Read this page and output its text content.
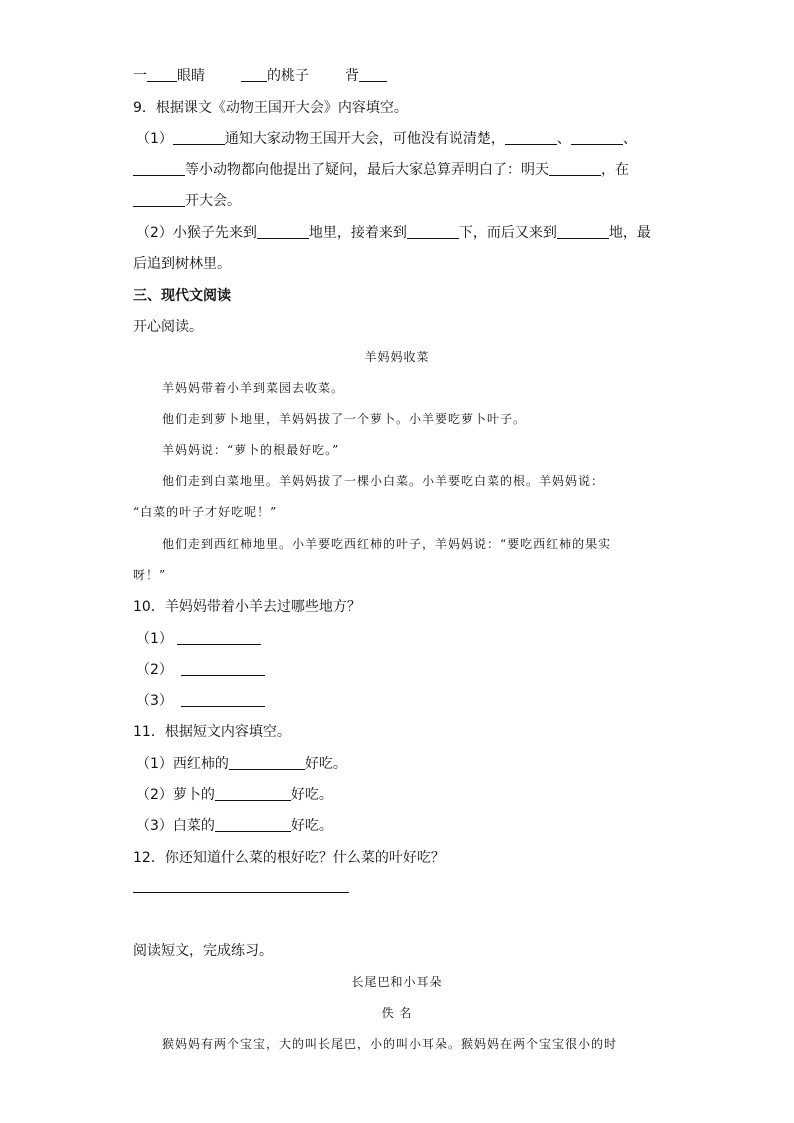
一 眼睛	的桃子	背
9．根据课文《动物王国开大会》内容填空。
（1）	通知大家动物王国开大会，可他没有说清楚，	、	、
等小动物都向他提出了疑问，最后大家总算弄明白了：明天	，在
开大会。
（2）小猴子先来到	地里，接着来到	下，而后又来到	地，最
后追到树林里。
三、现代文阅读
开心阅读。
羊妈妈收菜
羊妈妈带着小羊到菜园去收菜。
他们走到萝卜地里，羊妈妈拔了一个萝卜。小羊要吃萝卜叶子。
羊妈妈说：“萝卜的根最好吃。”
他们走到白菜地里。羊妈妈拔了一棵小白菜。小羊要吃白菜的根。羊妈妈说：
“白菜的叶子才好吃呢！”
他们走到西红柿地里。小羊要吃西红柿的叶子，羊妈妈说：“要吃西红柿的果实
呀！”
10．羊妈妈带着小羊去过哪些地方？
（1）
（2）
（3）
11．根据短文内容填空。
（1）西红柿的	好吃。
（2）萝卜的	好吃。
（3）白菜的	好吃。
12．你还知道什么菜的根好吃？什么菜的叶好吃？
阅读短文，完成练习。
长尾巴和小耳朵
佚 名
猴妈妈有两个宝宝，大的叫长尾巴，小的叫小耳朵。猴妈妈在两个宝宝很小的时
